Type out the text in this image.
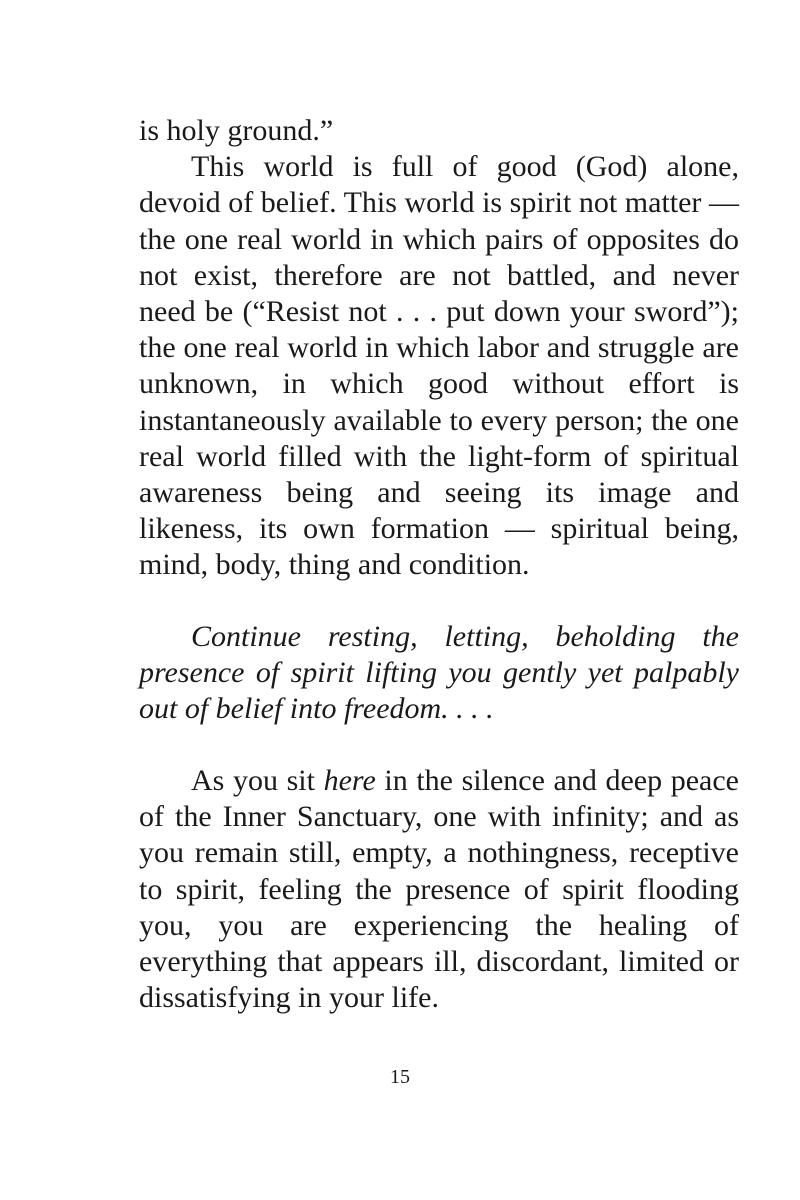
is holy ground.”

This world is full of good (God) alone, devoid of belief. This world is spirit not matter — the one real world in which pairs of opposites do not exist, therefore are not battled, and never need be (“Resist not . . . put down your sword”); the one real world in which labor and struggle are unknown, in which good without effort is instantaneously available to every person; the one real world filled with the light-form of spiritual awareness being and seeing its image and likeness, its own formation — spiritual being, mind, body, thing and condition.

Continue resting, letting, beholding the presence of spirit lifting you gently yet palpably out of belief into freedom. . . .
As you sit here in the silence and deep peace of the Inner Sanctuary, one with infinity; and as you remain still, empty, a nothingness, receptive to spirit, feeling the presence of spirit flooding you, you are experiencing the healing of everything that appears ill, discordant, limited or dissatisfying in your life.
15
